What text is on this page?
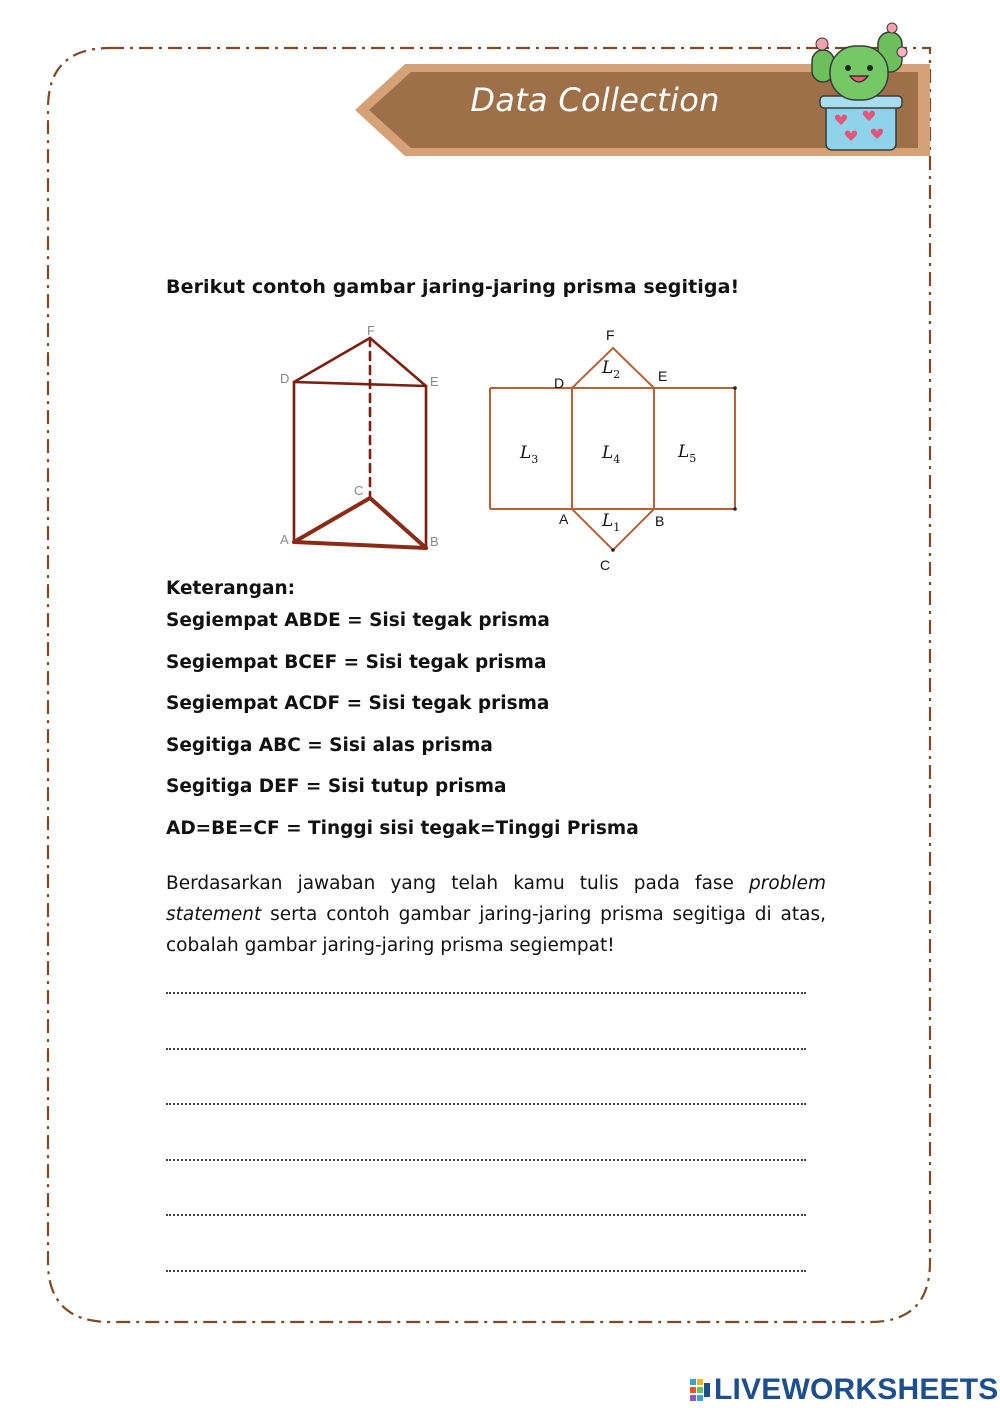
Data Collection
Berikut contoh gambar jaring-jaring prisma segitiga!
F
D	E
C
A	B
F
D	E
A	B
C
$L_2$
$L_3$	$L_4$	$L_5$
$L_1$
Keterangan:
Segiempat ABDE = Sisi tegak prisma
Segiempat BCEF = Sisi tegak prisma
Segiempat ACDF = Sisi tegak prisma
Segitiga ABC = Sisi alas prisma
Segitiga DEF = Sisi tutup prisma
AD=BE=CF = Tinggi sisi tegak=Tinggi Prisma
Berdasarkan jawaban yang telah kamu tulis pada fase problem statement serta contoh gambar jaring-jaring prisma segitiga di atas, cobalah gambar jaring-jaring prisma segiempat!
LIVEWORKSHEETS
